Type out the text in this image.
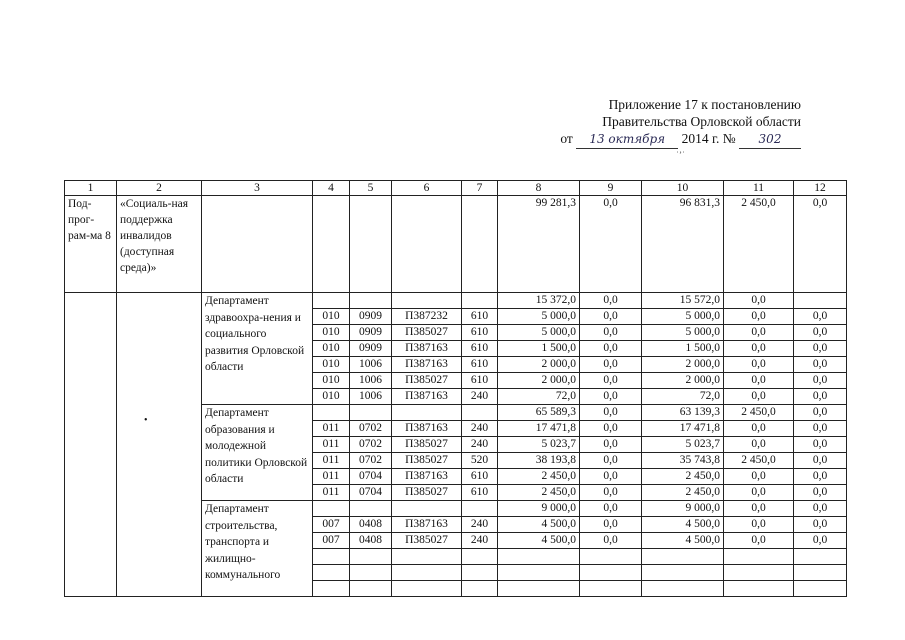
Приложение 17 к постановлению
Правительства Орловской области
от 13 октября 2014 г. № 302
˙’˙
•
1	2	3	4	5	6	7	8	9	10	11	12
Под-прог-рам-ма 8	«Социаль-ная поддержка инвалидов (доступная среда)»						99 281,3	0,0	96 831,3	2 450,0	0,0
		Департамент здравоохра-нения и социального развития Орловской области					15 372,0	0,0	15 572,0	0,0	
			010	0909	П387232	610	5 000,0	0,0	5 000,0	0,0	0,0
			010	0909	П385027	610	5 000,0	0,0	5 000,0	0,0	0,0
			010	0909	П387163	610	1 500,0	0,0	1 500,0	0,0	0,0
			010	1006	П387163	610	2 000,0	0,0	2 000,0	0,0	0,0
			010	1006	П385027	610	2 000,0	0,0	2 000,0	0,0	0,0
			010	1006	П387163	240	72,0	0,0	72,0	0,0	0,0
		Департамент образования и молодежной политики Орловской области					65 589,3	0,0	63 139,3	2 450,0	0,0
			011	0702	П387163	240	17 471,8	0,0	17 471,8	0,0	0,0
			011	0702	П385027	240	5 023,7	0,0	5 023,7	0,0	0,0
			011	0702	П385027	520	38 193,8	0,0	35 743,8	2 450,0	0,0
			011	0704	П387163	610	2 450,0	0,0	2 450,0	0,0	0,0
			011	0704	П385027	610	2 450,0	0,0	2 450,0	0,0	0,0
		Департамент строительства, транспорта и жилищно-коммунального					9 000,0	0,0	9 000,0	0,0	0,0
			007	0408	П387163	240	4 500,0	0,0	4 500,0	0,0	0,0
			007	0408	П385027	240	4 500,0	0,0	4 500,0	0,0	0,0
